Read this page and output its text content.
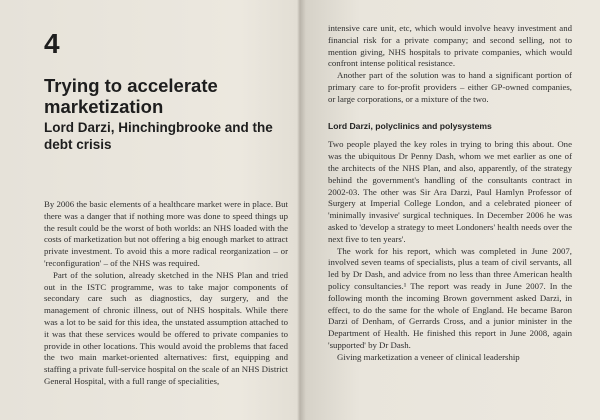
4
Trying to accelerate marketization
Lord Darzi, Hinchingbrooke and the debt crisis

By 2006 the basic elements of a healthcare market were in place. But there was a danger that if nothing more was done to speed things up the result could be the worst of both worlds: an NHS loaded with the costs of marketization but not offering a big enough market to attract private investment. To avoid this a more radical reorganization – or 'reconfiguration' – of the NHS was required.

Part of the solution, already sketched in the NHS Plan and tried out in the ISTC programme, was to take major components of secondary care such as diagnostics, day surgery, and the management of chronic illness, out of NHS hospitals. While there was a lot to be said for this idea, the unstated assumption attached to it was that these services would be offered to private companies to provide in other locations. This would avoid the problems that faced the two main market-oriented alternatives: first, equipping and staffing a private full-service hospital on the scale of an NHS District General Hospital, with a full range of specialities,

intensive care unit, etc, which would involve heavy investment and financial risk for a private company; and second selling, not to mention giving, NHS hospitals to private companies, which would confront intense political resistance.

Another part of the solution was to hand a significant portion of primary care to for-profit providers – either GP-owned companies, or large corporations, or a mixture of the two.

Lord Darzi, polyclinics and polysystems

Two people played the key roles in trying to bring this about. One was the ubiquitous Dr Penny Dash, whom we met earlier as one of the architects of the NHS Plan, and also, apparently, of the strategy behind the government's handling of the consultants contract in 2002-03. The other was Sir Ara Darzi, Paul Hamlyn Professor of Surgery at Imperial College London, and a celebrated pioneer of 'minimally invasive' surgical techniques. In December 2006 he was asked to 'develop a strategy to meet Londoners' health needs over the next five to ten years'.

The work for his report, which was completed in June 2007, involved seven teams of specialists, plus a team of civil servants, all led by Dr Dash, and advice from no less than three American health policy consultancies.¹ The report was ready in June 2007. In the following month the incoming Brown government asked Darzi, in effect, to do the same for the whole of England. He became Baron Darzi of Denham, of Gerrards Cross, and a junior minister in the Department of Health. He finished this report in June 2008, again 'supported' by Dr Dash.

Giving marketization a veneer of clinical leadership
